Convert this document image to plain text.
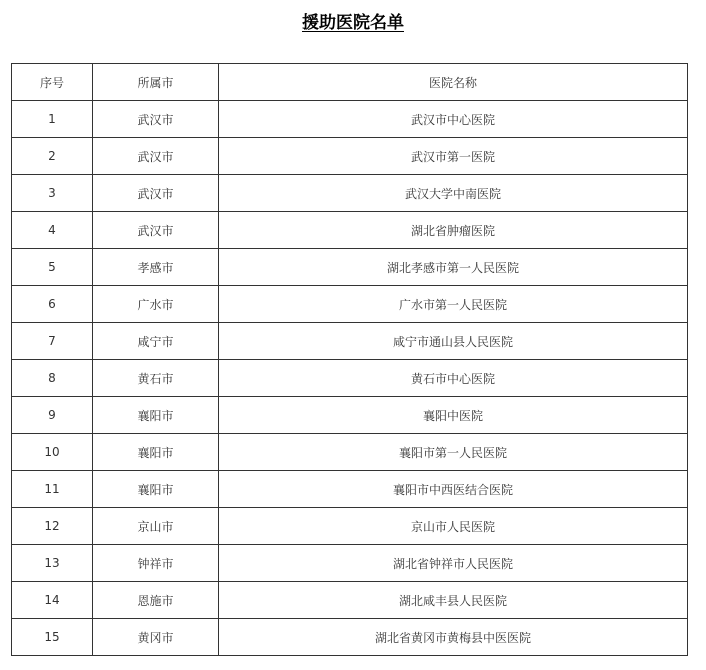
援助医院名单
序号	所属市	医院名称
1	武汉市	武汉市中心医院
2	武汉市	武汉市第一医院
3	武汉市	武汉大学中南医院
4	武汉市	湖北省肿瘤医院
5	孝感市	湖北孝感市第一人民医院
6	广水市	广水市第一人民医院
7	咸宁市	咸宁市通山县人民医院
8	黄石市	黄石市中心医院
9	襄阳市	襄阳中医院
10	襄阳市	襄阳市第一人民医院
11	襄阳市	襄阳市中西医结合医院
12	京山市	京山市人民医院
13	钟祥市	湖北省钟祥市人民医院
14	恩施市	湖北咸丰县人民医院
15	黄冈市	湖北省黄冈市黄梅县中医医院
